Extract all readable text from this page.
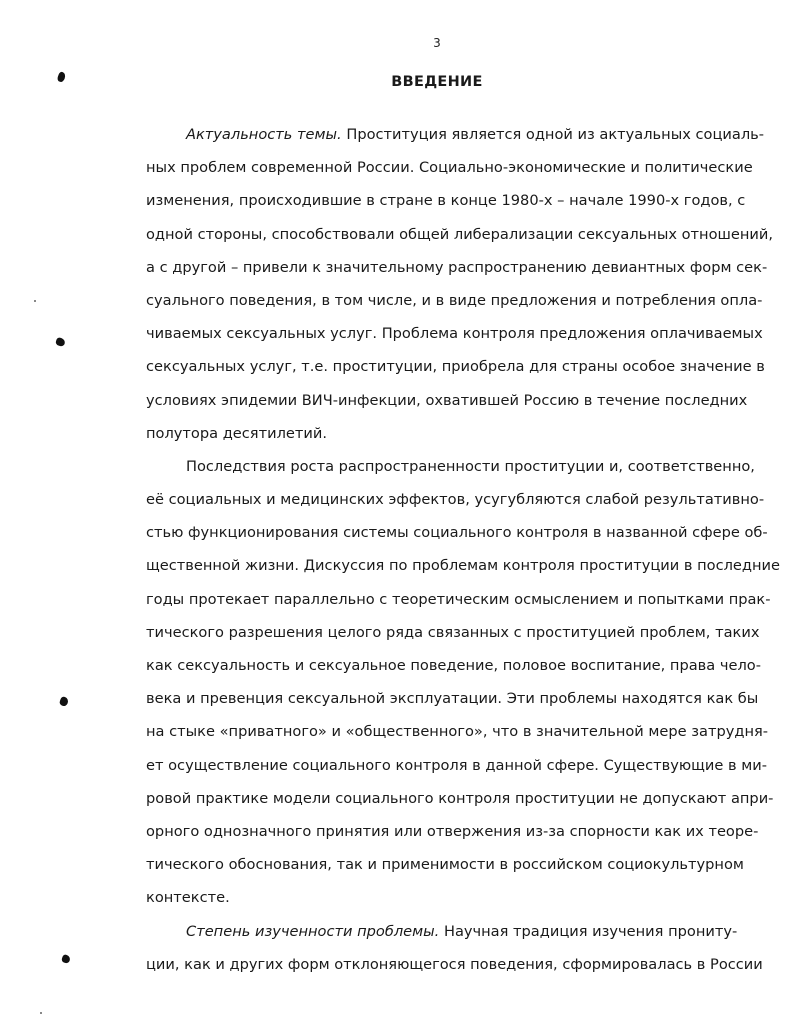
3
ВВЕДЕНИЕ
Актуальность темы. Проституция является одной из актуальных социаль-
ных проблем современной России. Социально-экономические и политические
изменения, происходившие в стране в конце 1980-х – начале 1990-х годов, с
одной стороны, способствовали общей либерализации сексуальных отношений,
а с другой – привели к значительному распространению девиантных форм сек-
суального поведения, в том числе, и в виде предложения и потребления опла-
чиваемых сексуальных услуг. Проблема контроля предложения оплачиваемых
сексуальных услуг, т.е. проституции, приобрела для страны особое значение в
условиях эпидемии ВИЧ-инфекции, охватившей Россию в течение последних
полутора десятилетий.
Последствия роста распространенности проституции и, соответственно,
её социальных и медицинских эффектов, усугубляются слабой результативно-
стью функционирования системы социального контроля в названной сфере об-
щественной жизни. Дискуссия по проблемам контроля проституции в последние
годы протекает параллельно с теоретическим осмыслением и попытками прак-
тического разрешения целого ряда связанных с проституцией проблем, таких
как сексуальность и сексуальное поведение, половое воспитание, права чело-
века и превенция сексуальной эксплуатации. Эти проблемы находятся как бы
на стыке «приватного» и «общественного», что в значительной мере затрудня-
ет осуществление социального контроля в данной сфере. Существующие в ми-
ровой практике модели социального контроля проституции не допускают апри-
орного однозначного принятия или отвержения из-за спорности как их теоре-
тического обоснования, так и применимости в российском социокультурном
контексте.
Степень изученности проблемы. Научная традиция изучения прониту-
ции, как и других форм отклоняющегося поведения, сформировалась в России
